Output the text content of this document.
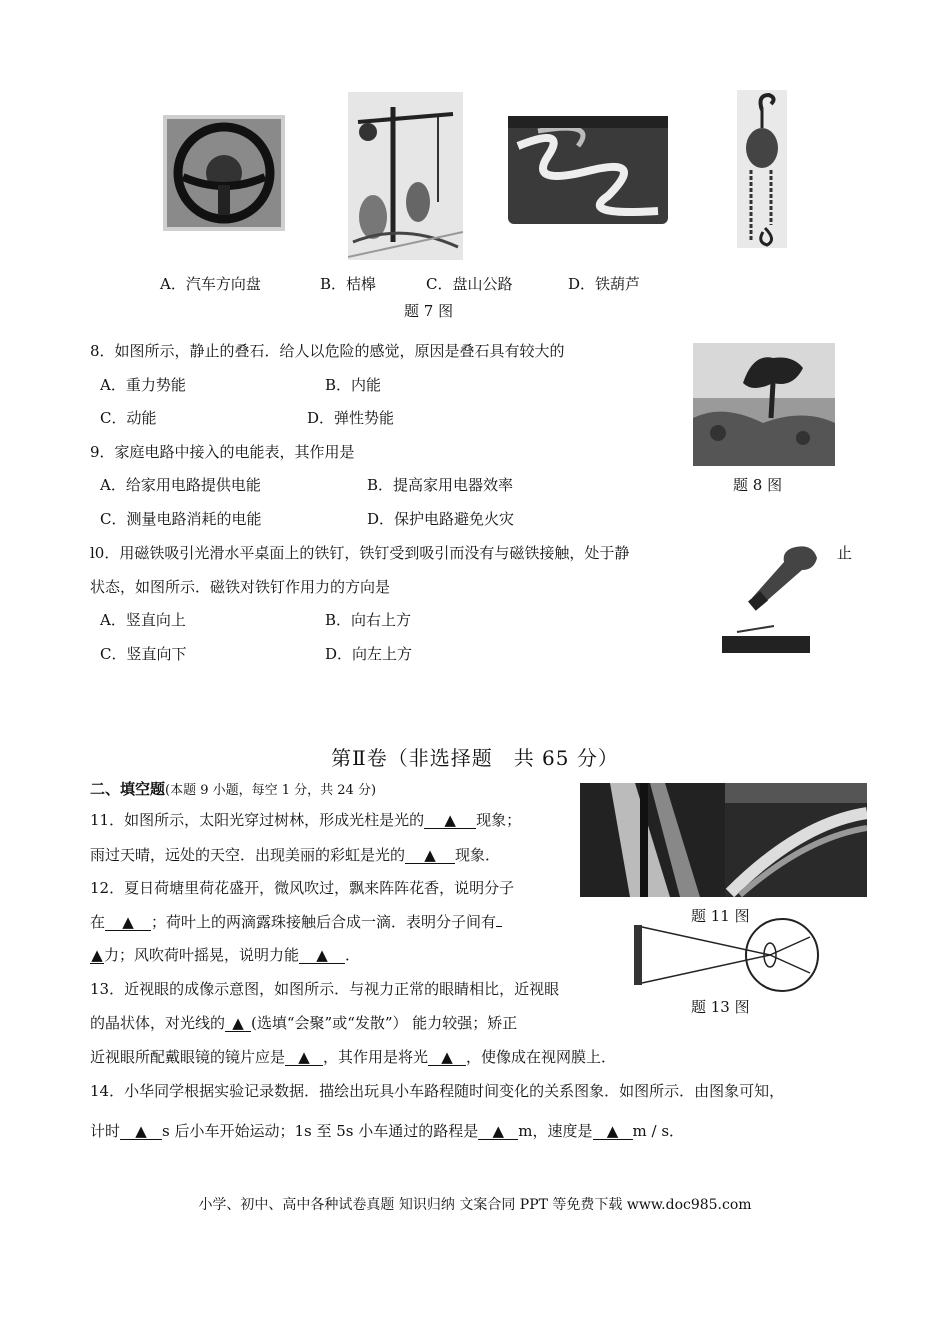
A．汽车方向盘	B．桔槔	C．盘山公路	D．铁葫芦
题 7 图
8．如图所示，静止的叠石．给人以危险的感觉，原因是叠石具有较大的
A．重力势能	B．内能
C．动能	D．弹性势能
题 8 图
9．家庭电路中接入的电能表，其作用是
A．给家用电路提供电能	B．提高家用电器效率
C．测量电路消耗的电能	D．保护电路避免火灾
l0．用磁铁吸引光滑水平桌面上的铁钉，铁钉受到吸引而没有与磁铁接触，处于静	止
状态，如图所示．磁铁对铁钉作用力的方向是
A．竖直向上	B．向右上方
C．竖直向下	D．向左上方
第Ⅱ卷（非选择题　共 65 分）
二、填空题(本题 9 小题，每空 1 分，共 24 分)
题 11 图
11．如图所示，太阳光穿过树林，形成光柱是光的 ▲ 现象；
雨过天晴，远处的天空．出现美丽的彩虹是光的 ▲ 现象．
12．夏日荷塘里荷花盛开，微风吹过，飘来阵阵花香，说明分子
在 ▲ ；荷叶上的两滴露珠接触后合成一滴．表明分子间有
▲力；风吹荷叶摇晃，说明力能 ▲ ．
题 13 图
13．近视眼的成像示意图，如图所示．与视力正常的眼睛相比，近视眼
的晶状体，对光线的 ▲ (选填“会聚”或“发散”） 能力较强；矫正
近视眼所配戴眼镜的镜片应是 ▲ ，其作用是将光 ▲ ，使像成在视网膜上．
14．小华同学根据实验记录数据．描绘出玩具小车路程随时间变化的关系图象．如图所示．由图象可知，
计时 ▲ s 后小车开始运动；1s 至 5s 小车通过的路程是 ▲ m，速度是 ▲ m / s．
小学、初中、高中各种试卷真题 知识归纳 文案合同 PPT 等免费下载 www.doc985.com
